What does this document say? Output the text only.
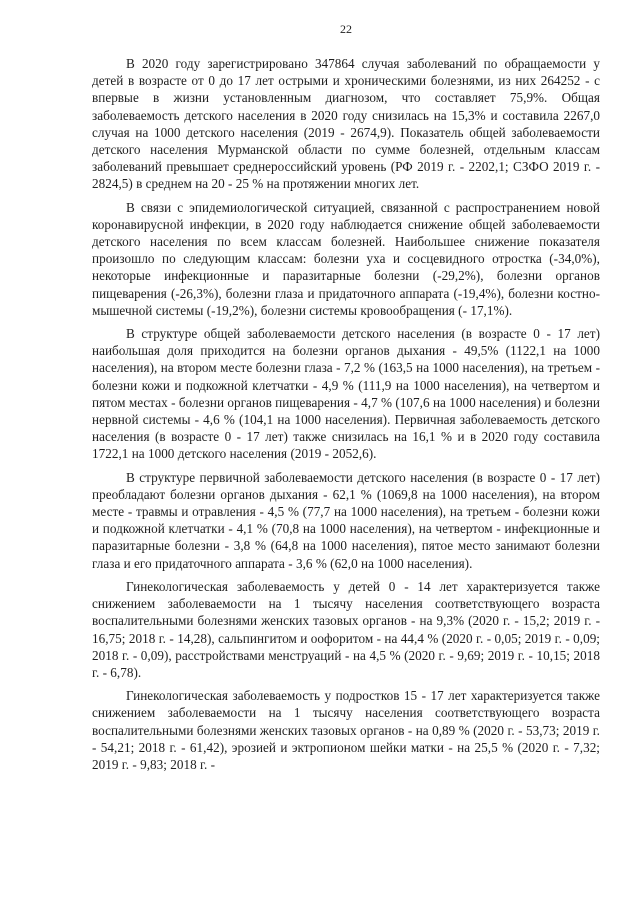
22

В 2020 году зарегистрировано 347864 случая заболеваний по обращаемости у детей в возрасте от 0 до 17 лет острыми и хроническими болезнями, из них 264252 - с впервые в жизни установленным диагнозом, что составляет 75,9%. Общая заболеваемость детского населения в 2020 году снизилась на 15,3% и составила 2267,0 случая на 1000 детского населения (2019 - 2674,9). Показатель общей заболеваемости детского населения Мурманской области по сумме болезней, отдельным классам заболеваний превышает среднероссийский уровень (РФ 2019 г. - 2202,1; СЗФО 2019 г. - 2824,5) в среднем на 20 - 25 % на протяжении многих лет.

В связи с эпидемиологической ситуацией, связанной с распространением новой коронавирусной инфекции, в 2020 году наблюдается снижение общей заболеваемости детского населения по всем классам болезней. Наибольшее снижение показателя произошло по следующим классам: болезни уха и сосцевидного отростка (-34,0%), некоторые инфекционные и паразитарные болезни (-29,2%), болезни органов пищеварения (-26,3%), болезни глаза и придаточного аппарата (-19,4%), болезни костно-мышечной системы (-19,2%), болезни системы кровообращения (- 17,1%).

В структуре общей заболеваемости детского населения (в возрасте 0 - 17 лет) наибольшая доля приходится на болезни органов дыхания - 49,5% (1122,1 на 1000 населения), на втором месте болезни глаза - 7,2 % (163,5 на 1000 населения), на третьем - болезни кожи и подкожной клетчатки - 4,9 % (111,9 на 1000 населения), на четвертом и пятом местах - болезни органов пищеварения - 4,7 % (107,6 на 1000 населения) и болезни нервной системы - 4,6 % (104,1 на 1000 населения). Первичная заболеваемость детского населения (в возрасте 0 - 17 лет) также снизилась на 16,1 % и в 2020 году составила 1722,1 на 1000 детского населения (2019 - 2052,6).

В структуре первичной заболеваемости детского населения (в возрасте 0 - 17 лет) преобладают болезни органов дыхания - 62,1 % (1069,8 на 1000 населения), на втором месте - травмы и отравления - 4,5 % (77,7 на 1000 населения), на третьем - болезни кожи и подкожной клетчатки - 4,1 % (70,8 на 1000 населения), на четвертом - инфекционные и паразитарные болезни - 3,8 % (64,8 на 1000 населения), пятое место занимают болезни глаза и его придаточного аппарата - 3,6 % (62,0 на 1000 населения).

Гинекологическая заболеваемость у детей 0 - 14 лет характеризуется также снижением заболеваемости на 1 тысячу населения соответствующего возраста воспалительными болезнями женских тазовых органов - на 9,3% (2020 г. - 15,2; 2019 г. - 16,75; 2018 г. - 14,28), сальпингитом и оофоритом - на 44,4 % (2020 г. - 0,05; 2019 г. - 0,09; 2018 г. - 0,09), расстройствами менструаций - на 4,5 % (2020 г. - 9,69; 2019 г. - 10,15; 2018 г. - 6,78).

Гинекологическая заболеваемость у подростков 15 - 17 лет характеризуется также снижением заболеваемости на 1 тысячу населения соответствующего возраста воспалительными болезнями женских тазовых органов - на 0,89 % (2020 г. - 53,73; 2019 г. - 54,21; 2018 г. - 61,42), эрозией и эктропионом шейки матки - на 25,5 % (2020 г. - 7,32; 2019 г. - 9,83; 2018 г. -
